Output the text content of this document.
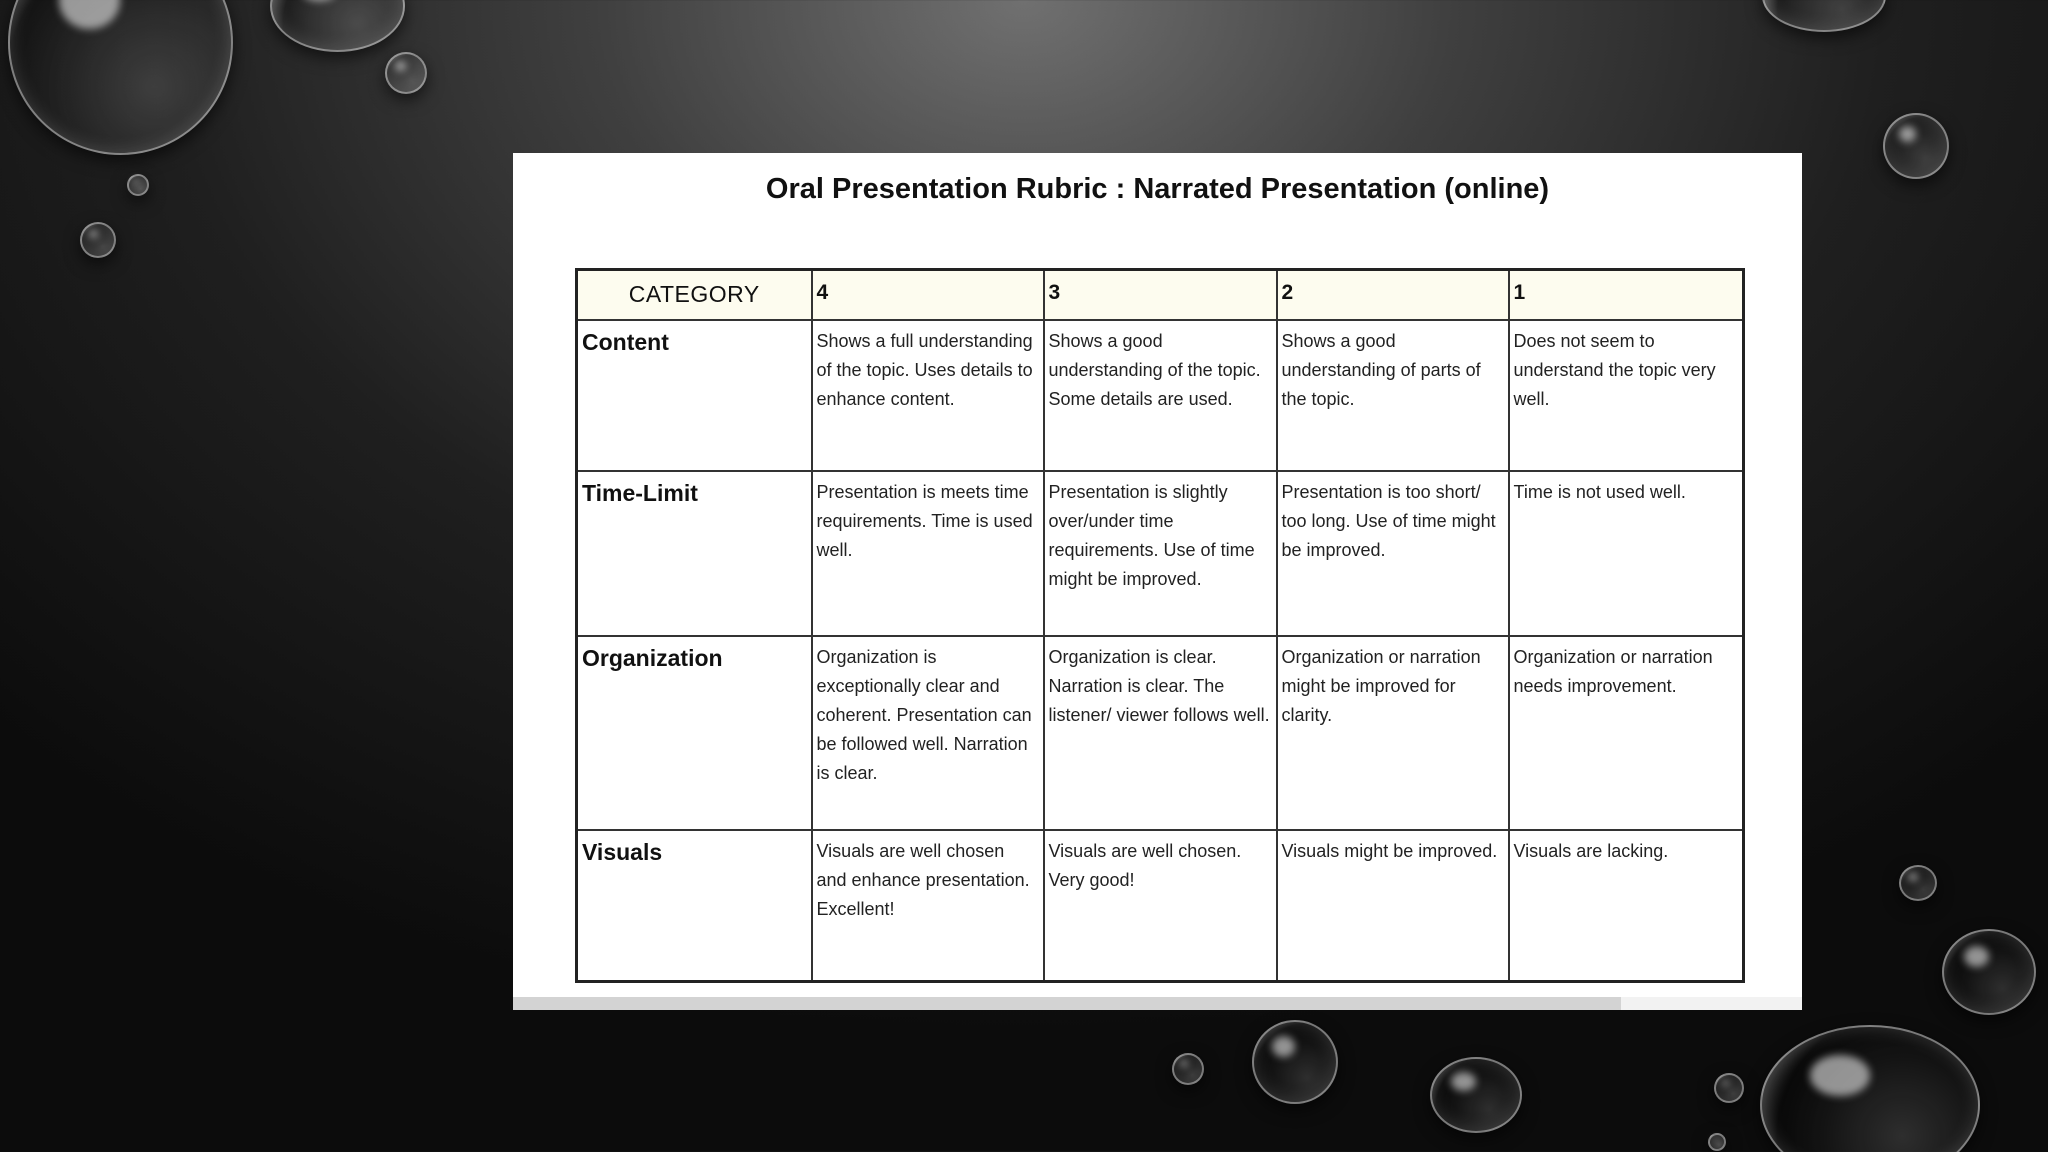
Oral Presentation Rubric : Narrated Presentation (online)
CATEGORY	4	3	2	1
Content	Shows a full understanding of the topic. Uses details to enhance content.	Shows a good understanding of the topic. Some details are used.	Shows a good understanding of parts of the topic.	Does not seem to understand the topic very well.
Time-Limit	Presentation is meets time requirements. Time is used well.	Presentation is slightly over/under time requirements. Use of time might be improved.	Presentation is too short/ too long. Use of time might be improved.	Time is not used well.
Organization	Organization is exceptionally clear and coherent. Presentation can be followed well. Narration is clear.	Organization is clear. Narration is clear. The listener/ viewer follows well.	Organization or narration might be improved for clarity.	Organization or narration needs improvement.
Visuals	Visuals are well chosen and enhance presentation. Excellent!	Visuals are well chosen. Very good!	Visuals might be improved.	Visuals are lacking.
